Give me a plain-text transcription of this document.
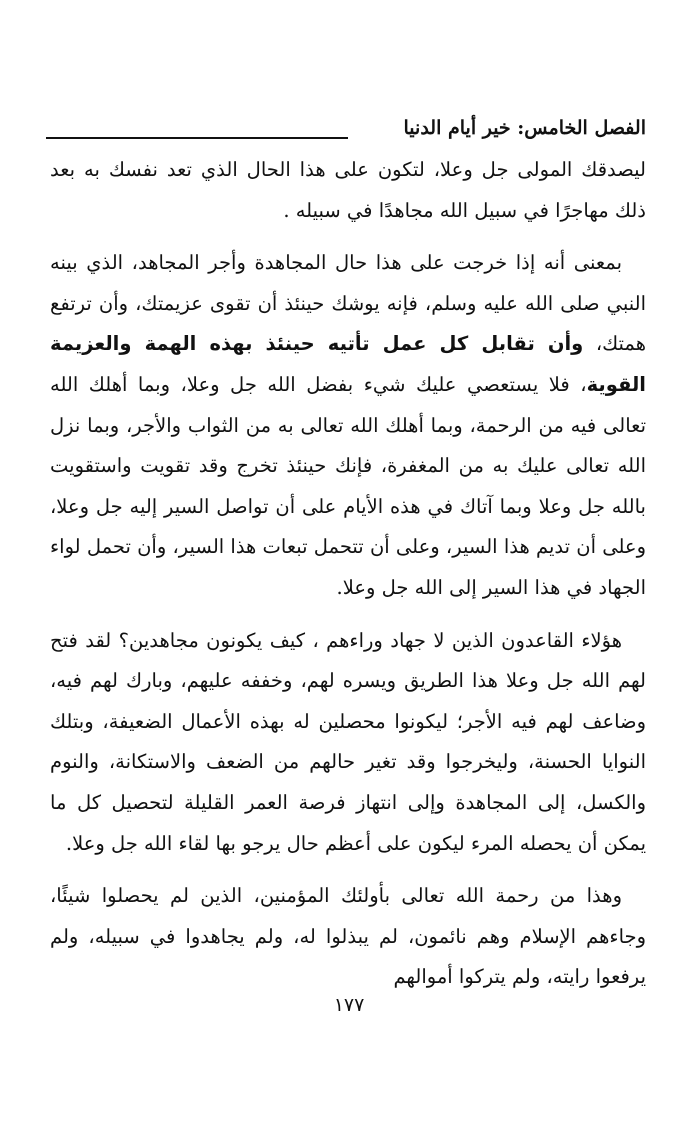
الفصل الخامس: خير أيام الدنيا

ليصدقك المولى جل وعلا، لتكون على هذا الحال الذي تعد نفسك به بعد ذلك مهاجرًا في سبيل الله مجاهدًا في سبيله .

بمعنى أنه إذا خرجت على هذا حال المجاهدة وأجر المجاهد، الذي بينه النبي صلى الله عليه وسلم، فإنه يوشك حينئذ أن تقوى عزيمتك، وأن ترتفع همتك، وأن تقابل كل عمل تأتيه حينئذ بهذه الهمة والعزيمة القوية، فلا يستعصي عليك شيء بفضل الله جل وعلا، وبما أهلك الله تعالى فيه من الرحمة، وبما أهلك الله تعالى به من الثواب والأجر، وبما نزل الله تعالى عليك به من المغفرة، فإنك حينئذ تخرج وقد تقويت واستقويت بالله جل وعلا وبما آتاك في هذه الأيام على أن تواصل السير إليه جل وعلا، وعلى أن تديم هذا السير، وعلى أن تتحمل تبعات هذا السير، وأن تحمل لواء الجهاد في هذا السير إلى الله جل وعلا.

هؤلاء القاعدون الذين لا جهاد وراءهم ، كيف يكونون مجاهدين؟ لقد فتح لهم الله جل وعلا هذا الطريق ويسره لهم، وخففه عليهم، وبارك لهم فيه، وضاعف لهم فيه الأجر؛ ليكونوا محصلين له بهذه الأعمال الضعيفة، وبتلك النوايا الحسنة، وليخرجوا وقد تغير حالهم من الضعف والاستكانة، والنوم والكسل، إلى المجاهدة وإلى انتهاز فرصة العمر القليلة لتحصيل كل ما يمكن أن يحصله المرء ليكون على أعظم حال يرجو بها لقاء الله جل وعلا.

وهذا من رحمة الله تعالى بأولئك المؤمنين، الذين لم يحصلوا شيئًا، وجاءهم الإسلام وهم نائمون، لم يبذلوا له، ولم يجاهدوا في سبيله، ولم يرفعوا رايته، ولم يتركوا أموالهم

١٧٧
